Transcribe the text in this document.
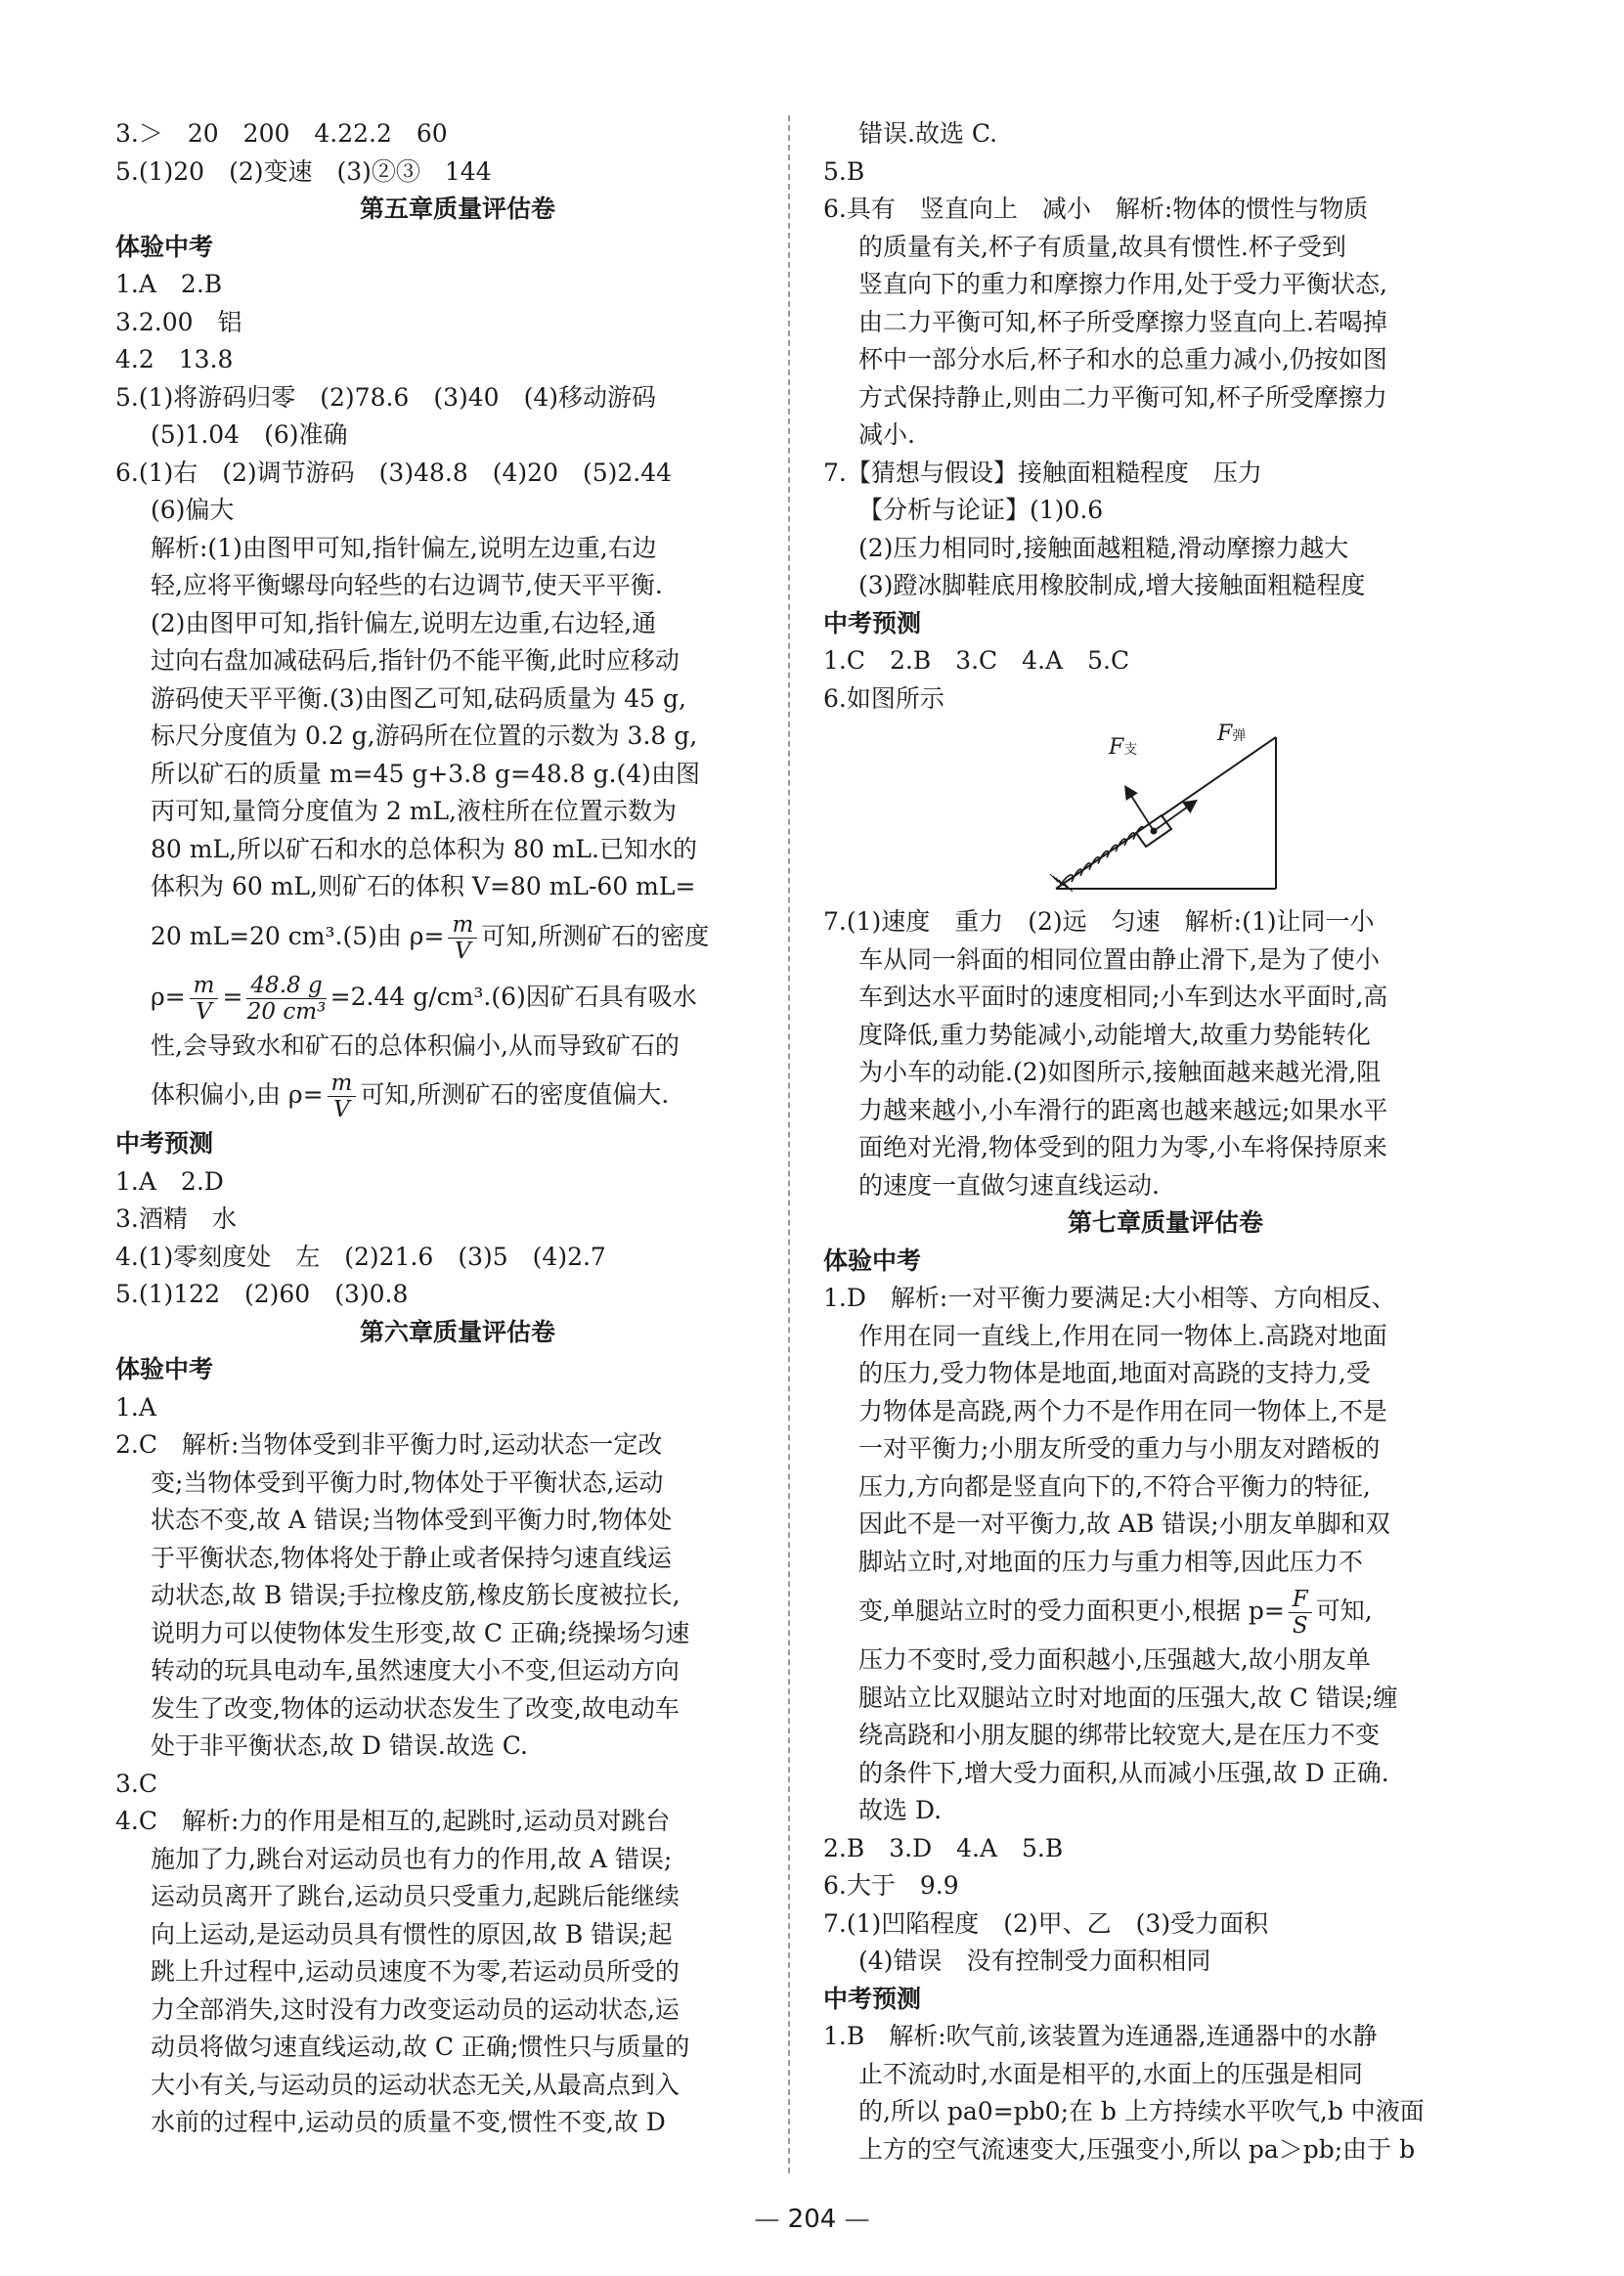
3.＞　20　200　4.22.2　60
5.(1)20　(2)变速　(3)②③　144
第五章质量评估卷
体验中考
1.A　2.B
3.2.00　铝
4.2　13.8
5.(1)将游码归零　(2)78.6　(3)40　(4)移动游码
(5)1.04　(6)准确
6.(1)右　(2)调节游码　(3)48.8　(4)20　(5)2.44
(6)偏大
解析:(1)由图甲可知,指针偏左,说明左边重,右边
轻,应将平衡螺母向轻些的右边调节,使天平平衡.
(2)由图甲可知,指针偏左,说明左边重,右边轻,通
过向右盘加减砝码后,指针仍不能平衡,此时应移动
游码使天平平衡.(3)由图乙可知,砝码质量为 45 g,
标尺分度值为 0.2 g,游码所在位置的示数为 3.8 g,
所以矿石的质量 m=45 g+3.8 g=48.8 g.(4)由图
丙可知,量筒分度值为 2 mL,液柱所在位置示数为
80 mL,所以矿石和水的总体积为 80 mL.已知水的
体积为 60 mL,则矿石的体积 V=80 mL-60 mL=
20 mL=20 cm³.(5)由 $\rho= \frac{m}{V}$ 可知,所测矿石的密度
$\rho= \frac{m}{V} = \frac{48.8 g}{\text{20 cm³}} =2.44$ g/cm³.(6)因矿石具有吸水
性,会导致水和矿石的总体积偏小,从而导致矿石的
体积偏小,由 $\rho= \frac{m}{V}$ 可知,所测矿石的密度值偏大.
中考预测
1.A　2.D
3.酒精　水
4.(1)零刻度处　左　(2)21.6　(3)5　(4)2.7
5.(1)122　(2)60　(3)0.8
第六章质量评估卷
体验中考
1.A
2.C　解析:当物体受到非平衡力时,运动状态一定改
变;当物体受到平衡力时,物体处于平衡状态,运动
状态不变,故 A 错误;当物体受到平衡力时,物体处
于平衡状态,物体将处于静止或者保持匀速直线运
动状态,故 B 错误;手拉橡皮筋,橡皮筋长度被拉长,
说明力可以使物体发生形变,故 C 正确;绕操场匀速
转动的玩具电动车,虽然速度大小不变,但运动方向
发生了改变,物体的运动状态发生了改变,故电动车
处于非平衡状态,故 D 错误.故选 C.
3.C
4.C　解析:力的作用是相互的,起跳时,运动员对跳台
施加了力,跳台对运动员也有力的作用,故 A 错误;
运动员离开了跳台,运动员只受重力,起跳后能继续
向上运动,是运动员具有惯性的原因,故 B 错误;起
跳上升过程中,运动员速度不为零,若运动员所受的
力全部消失,这时没有力改变运动员的运动状态,运
动员将做匀速直线运动,故 C 正确;惯性只与质量的
大小有关,与运动员的运动状态无关,从最高点到入
水前的过程中,运动员的质量不变,惯性不变,故 D
错误.故选 C.
5.B
6.具有　竖直向上　减小　解析:物体的惯性与物质
的质量有关,杯子有质量,故具有惯性.杯子受到
竖直向下的重力和摩擦力作用,处于受力平衡状态,
由二力平衡可知,杯子所受摩擦力竖直向上.若喝掉
杯中一部分水后,杯子和水的总重力减小,仍按如图
方式保持静止,则由二力平衡可知,杯子所受摩擦力
减小.
7.【猜想与假设】接触面粗糙程度　压力
【分析与论证】(1)0.6
(2)压力相同时,接触面越粗糙,滑动摩擦力越大
(3)蹬冰脚鞋底用橡胶制成,增大接触面粗糙程度
中考预测
1.C　2.B　3.C　4.A　5.C
6.如图所示
F支
F弹
7.(1)速度　重力　(2)远　匀速　解析:(1)让同一小
车从同一斜面的相同位置由静止滑下,是为了使小
车到达水平面时的速度相同;小车到达水平面时,高
度降低,重力势能减小,动能增大,故重力势能转化
为小车的动能.(2)如图所示,接触面越来越光滑,阻
力越来越小,小车滑行的距离也越来越远;如果水平
面绝对光滑,物体受到的阻力为零,小车将保持原来
的速度一直做匀速直线运动.
第七章质量评估卷
体验中考
1.D　解析:一对平衡力要满足:大小相等、方向相反、
作用在同一直线上,作用在同一物体上.高跷对地面
的压力,受力物体是地面,地面对高跷的支持力,受
力物体是高跷,两个力不是作用在同一物体上,不是
一对平衡力;小朋友所受的重力与小朋友对踏板的
压力,方向都是竖直向下的,不符合平衡力的特征,
因此不是一对平衡力,故 AB 错误;小朋友单脚和双
脚站立时,对地面的压力与重力相等,因此压力不
变,单腿站立时的受力面积更小,根据 $p= \frac{F}{S}$ 可知,
压力不变时,受力面积越小,压强越大,故小朋友单
腿站立比双腿站立时对地面的压强大,故 C 错误;缠
绕高跷和小朋友腿的绑带比较宽大,是在压力不变
的条件下,增大受力面积,从而减小压强,故 D 正确.
故选 D.
2.B　3.D　4.A　5.B
6.大于　9.9
7.(1)凹陷程度　(2)甲、乙　(3)受力面积
(4)错误　没有控制受力面积相同
中考预测
1.B　解析:吹气前,该装置为连通器,连通器中的水静
止不流动时,水面是相平的,水面上的压强是相同
的,所以 pa0=pb0;在 b 上方持续水平吹气,b 中液面
上方的空气流速变大,压强变小,所以 pa＞pb;由于 b
— 204 —
